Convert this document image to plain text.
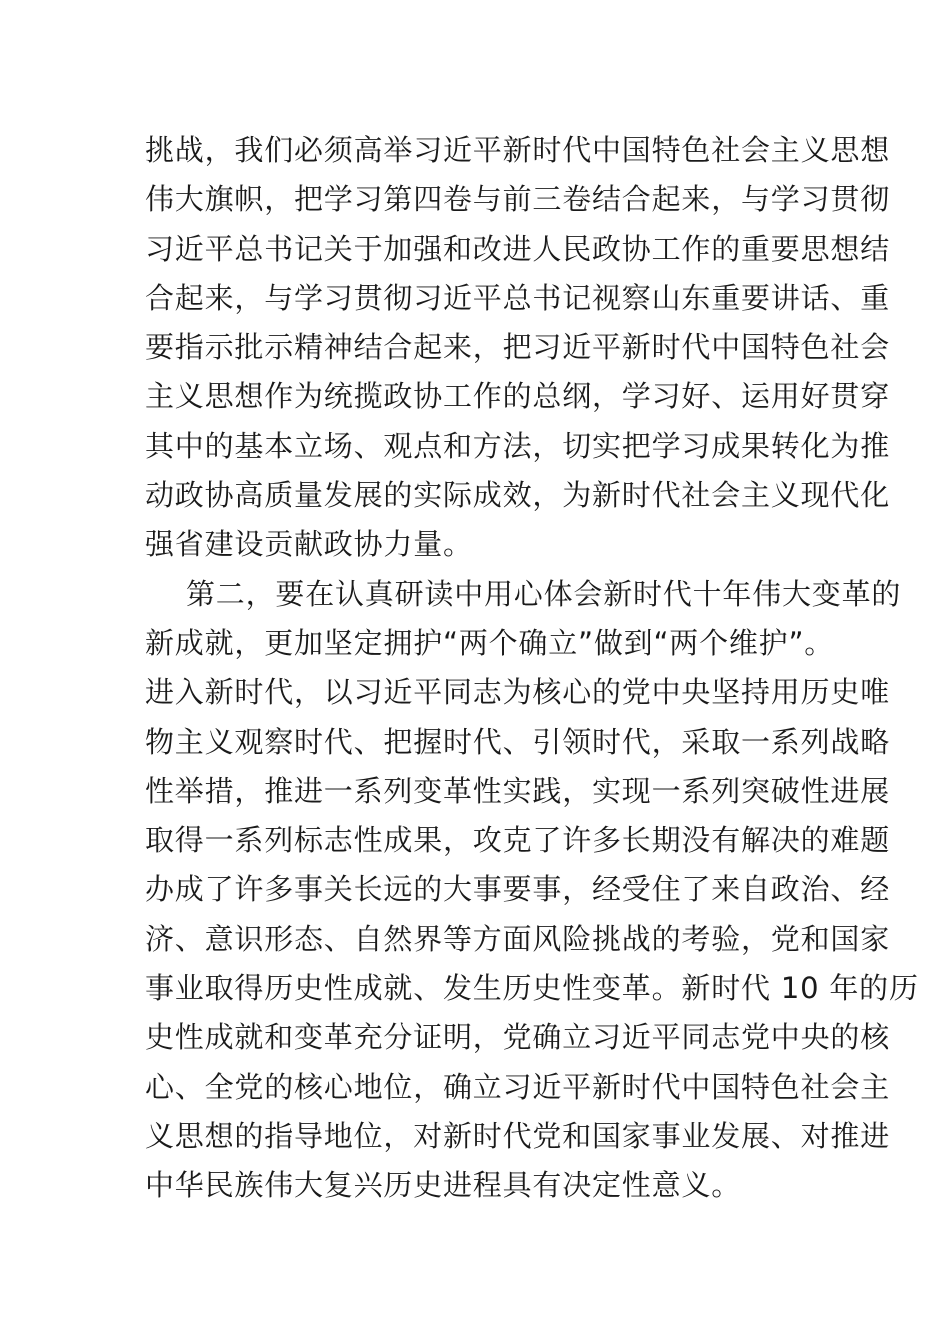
挑战，我们必须高举习近平新时代中国特色社会主义思想
伟大旗帜，把学习第四卷与前三卷结合起来，与学习贯彻
习近平总书记关于加强和改进人民政协工作的重要思想结
合起来，与学习贯彻习近平总书记视察山东重要讲话、重
要指示批示精神结合起来，把习近平新时代中国特色社会
主义思想作为统揽政协工作的总纲，学习好、运用好贯穿
其中的基本立场、观点和方法，切实把学习成果转化为推
动政协高质量发展的实际成效，为新时代社会主义现代化
强省建设贡献政协力量。
第二，要在认真研读中用心体会新时代十年伟大变革的
新成就，更加坚定拥护“两个确立”做到“两个维护”。
进入新时代，以习近平同志为核心的党中央坚持用历史唯
物主义观察时代、把握时代、引领时代，采取一系列战略
性举措，推进一系列变革性实践，实现一系列突破性进展
取得一系列标志性成果，攻克了许多长期没有解决的难题
办成了许多事关长远的大事要事，经受住了来自政治、经
济、意识形态、自然界等方面风险挑战的考验，党和国家
事业取得历史性成就、发生历史性变革。新时代 10 年的历
史性成就和变革充分证明，党确立习近平同志党中央的核
心、全党的核心地位，确立习近平新时代中国特色社会主
义思想的指导地位，对新时代党和国家事业发展、对推进
中华民族伟大复兴历史进程具有决定性意义。
